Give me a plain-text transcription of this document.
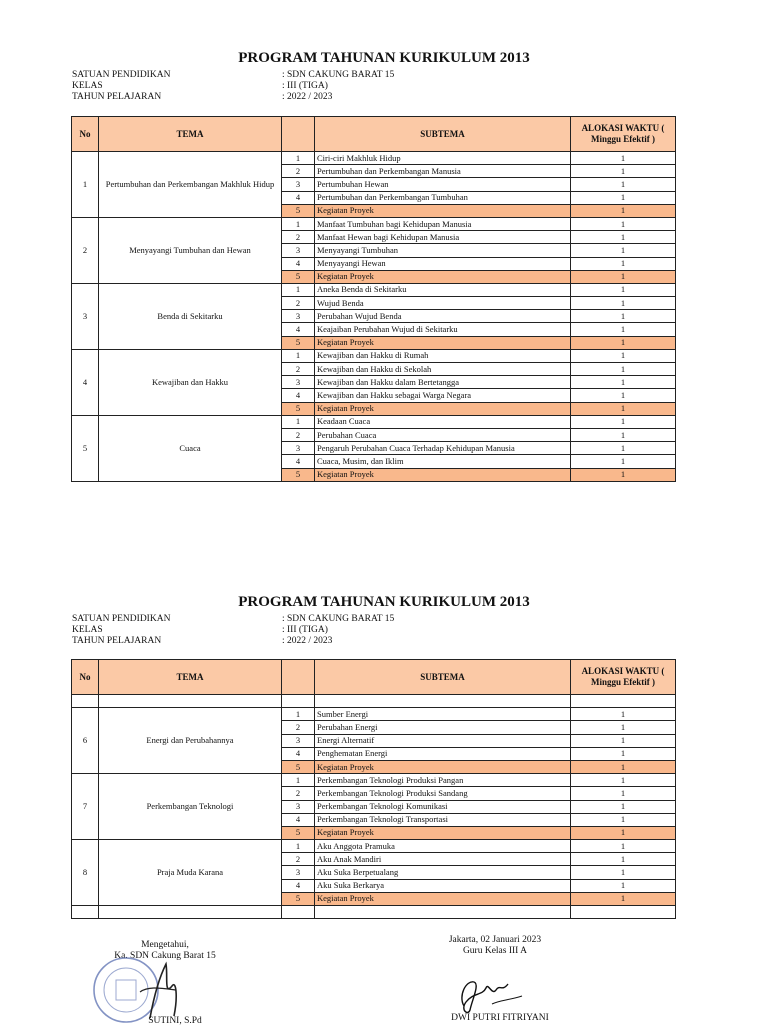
PROGRAM TAHUNAN KURIKULUM 2013
SATUAN PENDIDIKAN	: SDN CAKUNG BARAT 15
KELAS	: III (TIGA)
TAHUN PELAJARAN	: 2022 / 2023
No	TEMA		SUBTEMA	ALOKASI WAKTU ( Minggu Efektif )
1	Pertumbuhan dan Perkembangan Makhluk Hidup	1	Ciri-ciri Makhluk Hidup	1
		2	Pertumbuhan dan Perkembangan Manusia	1
		3	Pertumbuhan Hewan	1
		4	Pertumbuhan dan Perkembangan Tumbuhan	1
		5	Kegiatan Proyek	1
2	Menyayangi Tumbuhan dan Hewan	1	Manfaat Tumbuhan bagi Kehidupan Manusia	1
		2	Manfaat Hewan bagi Kehidupan Manusia	1
		3	Menyayangi Tumbuhan	1
		4	Menyayangi Hewan	1
		5	Kegiatan Proyek	1
3	Benda di Sekitarku	1	Aneka Benda di Sekitarku	1
		2	Wujud Benda	1
		3	Perubahan Wujud Benda	1
		4	Keajaiban Perubahan Wujud di Sekitarku	1
		5	Kegiatan Proyek	1
4	Kewajiban dan Hakku	1	Kewajiban dan Hakku di Rumah	1
		2	Kewajiban dan Hakku di Sekolah	1
		3	Kewajiban dan Hakku dalam Bertetangga	1
		4	Kewajiban dan Hakku sebagai Warga Negara	1
		5	Kegiatan Proyek	1
5	Cuaca	1	Keadaan Cuaca	1
		2	Perubahan Cuaca	1
		3	Pengaruh Perubahan Cuaca Terhadap Kehidupan Manusia	1
		4	Cuaca, Musim, dan Iklim	1
		5	Kegiatan Proyek	1
PROGRAM TAHUNAN KURIKULUM 2013
SATUAN PENDIDIKAN	: SDN CAKUNG BARAT 15
KELAS	: III (TIGA)
TAHUN PELAJARAN	: 2022 / 2023
No	TEMA		SUBTEMA	ALOKASI WAKTU ( Minggu Efektif )

6	Energi dan Perubahannya	1	Sumber Energi	1
		2	Perubahan Energi	1
		3	Energi Alternatif	1
		4	Penghematan Energi	1
		5	Kegiatan Proyek	1
7	Perkembangan Teknologi	1	Perkembangan Teknologi Produksi Pangan	1
		2	Perkembangan Teknologi Produksi Sandang	1
		3	Perkembangan Teknologi Komunikasi	1
		4	Perkembangan Teknologi Transportasi	1
		5	Kegiatan Proyek	1
8	Praja Muda Karana	1	Aku Anggota Pramuka	1
		2	Aku Anak Mandiri	1
		3	Aku Suka Berpetualang	1
		4	Aku Suka Berkarya	1
		5	Kegiatan Proyek	1

Mengetahui,
Ka. SDN Cakung Barat 15
SUTINI, S.Pd
Jakarta, 02 Januari 2023
Guru Kelas III A
DWI PUTRI FITRIYANI
